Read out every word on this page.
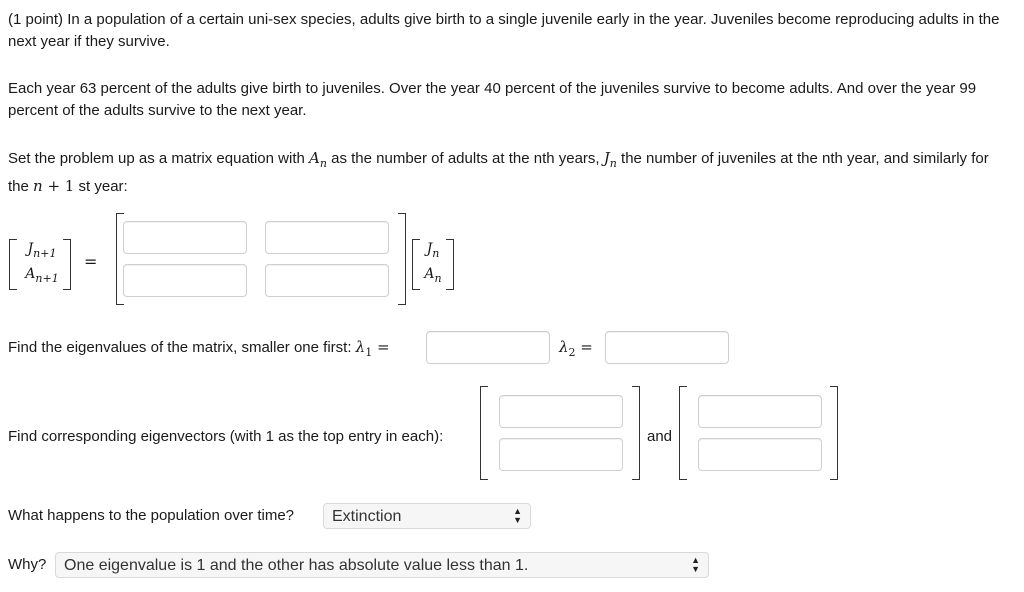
(1 point) In a population of a certain uni-sex species, adults give birth to a single juvenile early in the year. Juveniles become reproducing adults in the next year if they survive.
Each year 63 percent of the adults give birth to juveniles. Over the year 40 percent of the juveniles survive to become adults. And over the year 99 percent of the adults survive to the next year.
Set the problem up as a matrix equation with $A_n$ as the number of adults at the nth years, $J_n$ the number of juveniles at the nth year, and similarly for the n + 1 st year:
$J_{n+1}$
$A_{n+1}$
=
$J_n$
$A_n$
Find the eigenvalues of the matrix, smaller one first: $\lambda_1$ =	$\lambda_2$ =
Find corresponding eigenvectors (with 1 as the top entry in each):	and
What happens to the population over time?	Extinction	▲
▼
Why?	One eigenvalue is 1 and the other has absolute value less than 1.	▲
▼
